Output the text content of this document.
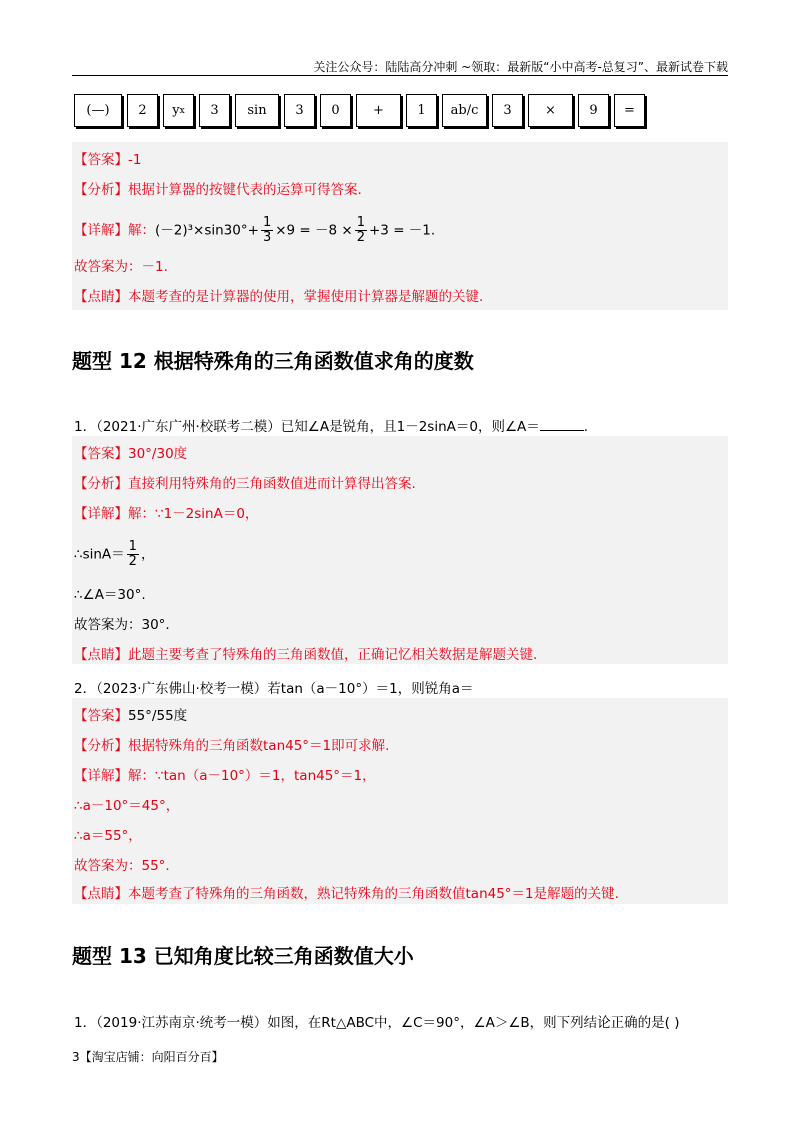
关注公众号：陆陆高分冲刺 ~领取：最新版“小中高考-总复习”、最新试卷下载
(—) 2 y x 3 sin 3 0	+	1 ab/c 3	×	9 =
【答案】-1
【分析】根据计算器的按键代表的运算可得答案.
【详解】解：$(-2)^3\times\sin 30^\circ+ \frac{1}{3} \times 9 = -8 \times \frac{1}{2} +3 = -1$.
故答案为：－1.
【点睛】本题考查的是计算器的使用，掌握使用计算器是解题的关键.
题型 12 根据特殊角的三角函数值求角的度数
1．（2021·广东广州·校联考二模）已知∠A是锐角，且1－2sinA＝0，则∠A＝	.
【答案】30°/30度
【分析】直接利用特殊角的三角函数值进而计算得出答案.
【详解】解：∵1－2sinA＝0，
∴sinA＝ $\frac{1}{2}$ ，
∴∠A＝30°.
故答案为：30°.
【点睛】此题主要考查了特殊角的三角函数值，正确记忆相关数据是解题关键.
2．（2023·广东佛山·校考一模）若tan（a－10°）＝1，则锐角a＝
【答案】55°/55度
【分析】根据特殊角的三角函数tan45°＝1即可求解.
【详解】解：∵tan（a－10°）＝1，tan45°＝1，
∴a－10°＝45°，
∴a＝55°，
故答案为：55°.
【点睛】本题考查了特殊角的三角函数，熟记特殊角的三角函数值tan45°＝1是解题的关键.
题型 13 已知角度比较三角函数值大小
1．（2019·江苏南京·统考一模）如图，在Rt△ABC中，∠C＝90°，∠A＞∠B，则下列结论正确的是( )
3【淘宝店铺：向阳百分百】
